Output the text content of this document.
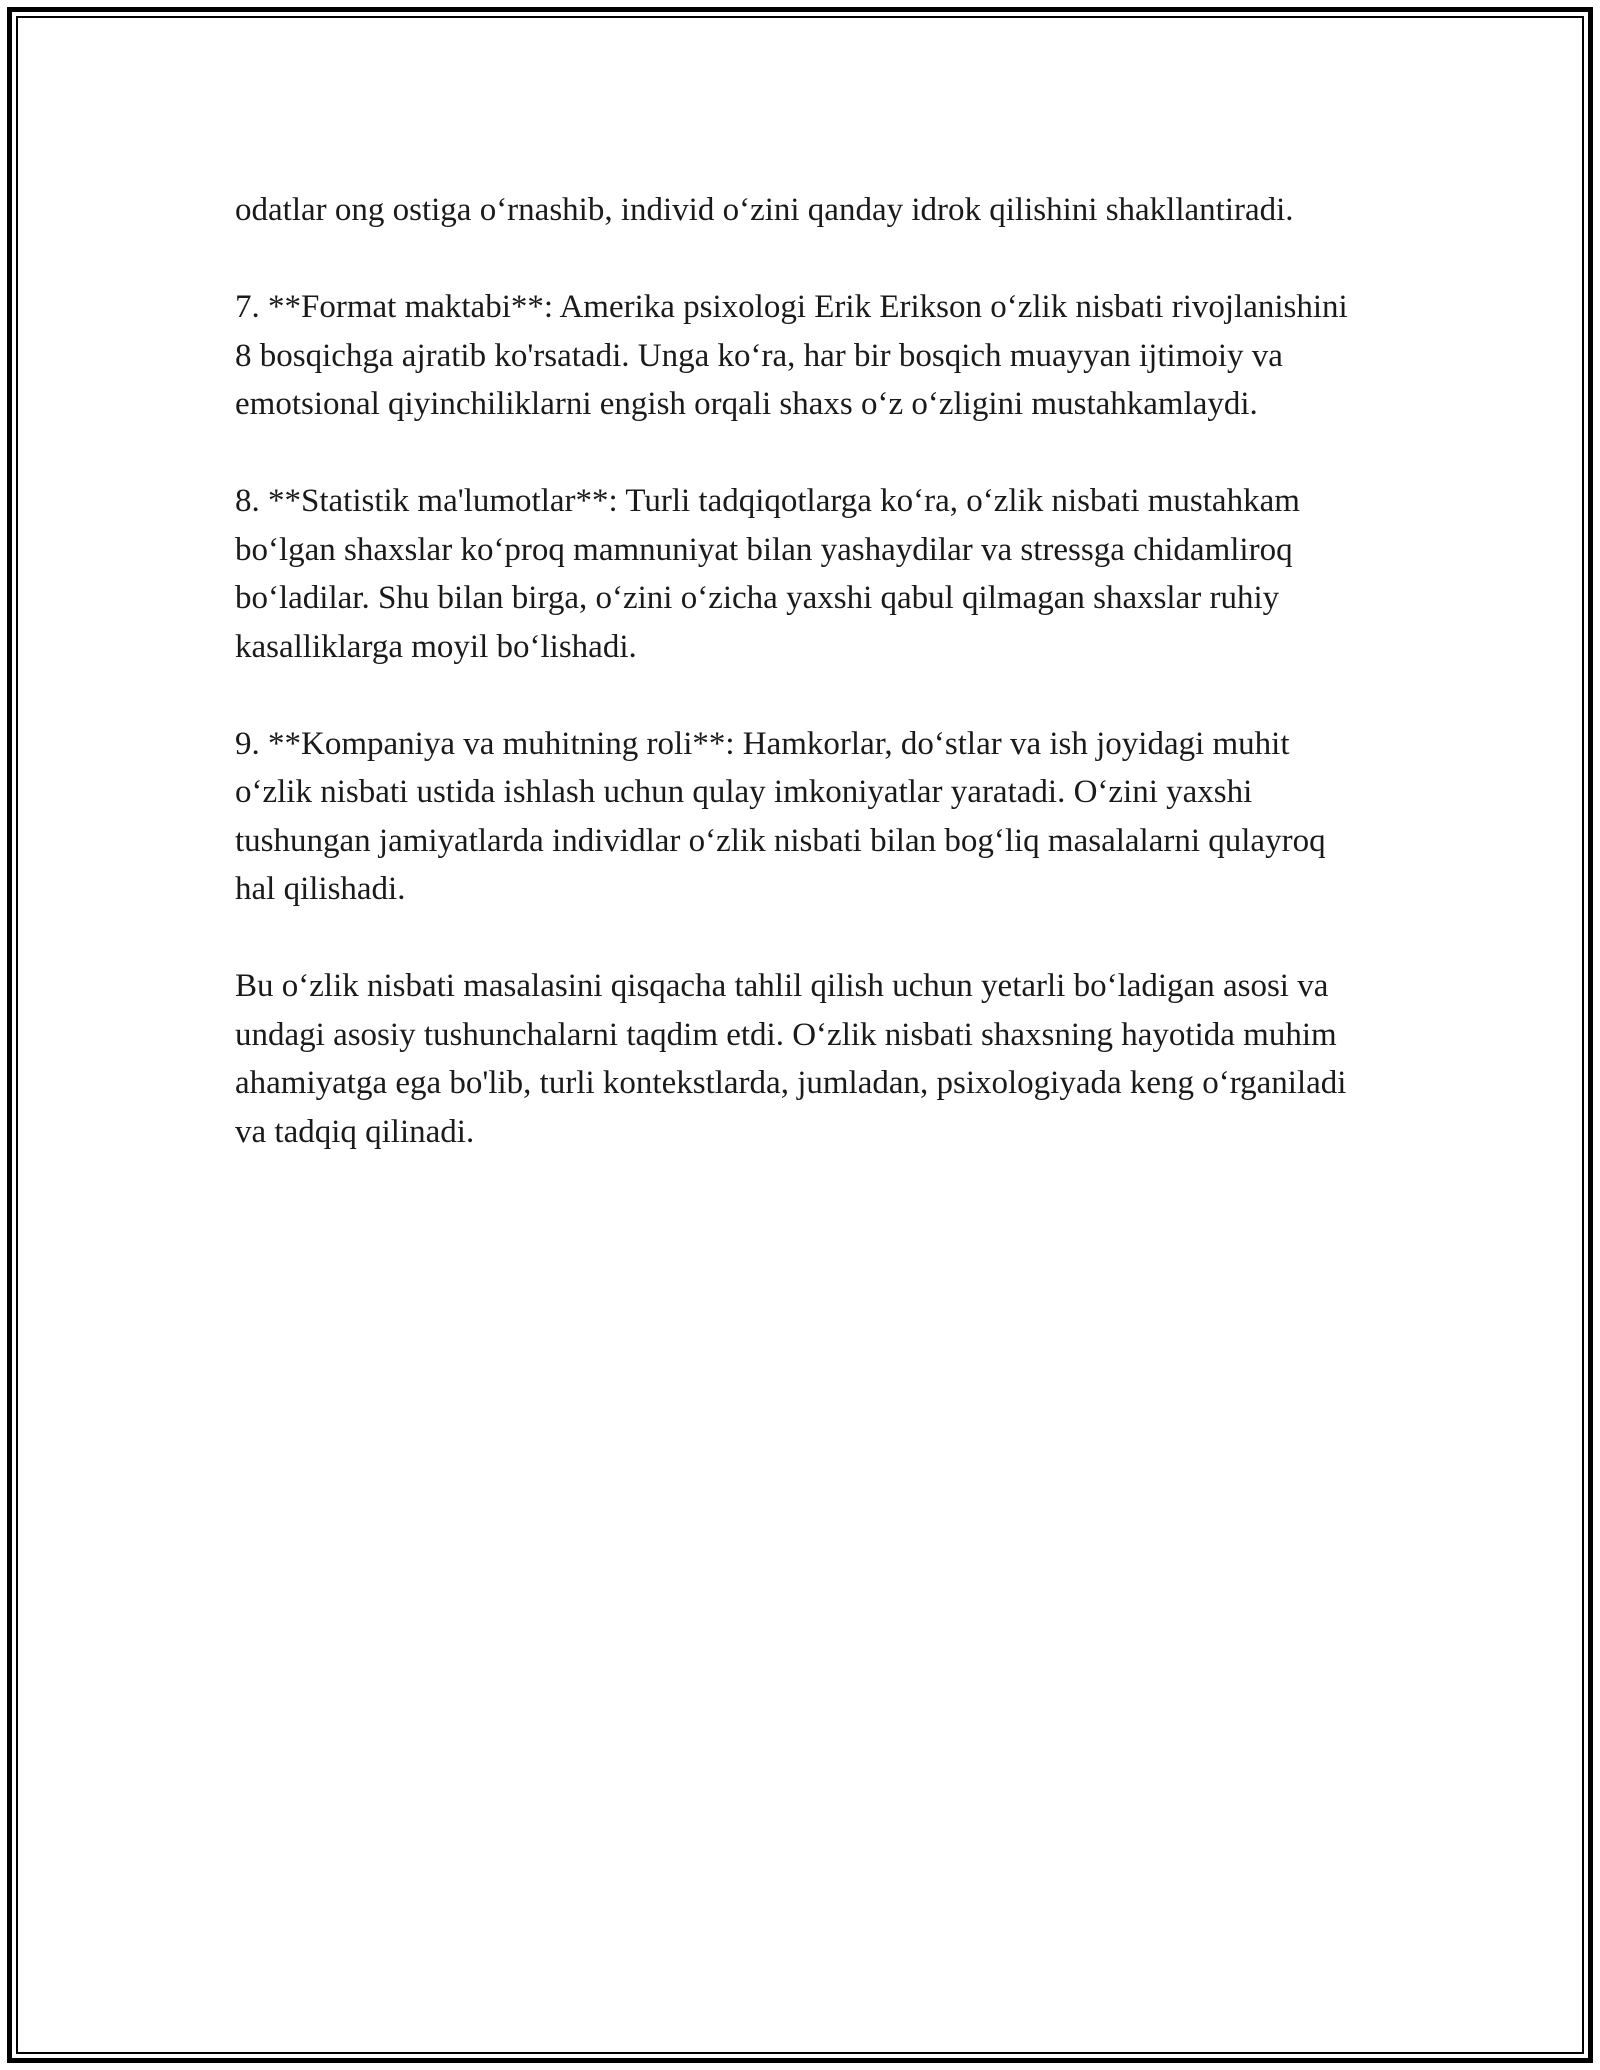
odatlar ong ostiga o‘rnashib, individ o‘zini qanday idrok qilishini shakllantiradi.

7. **Format maktabi**: Amerika psixologi Erik Erikson o‘zlik nisbati rivojlanishini 8 bosqichga ajratib ko'rsatadi. Unga ko‘ra, har bir bosqich muayyan ijtimoiy va emotsional qiyinchiliklarni engish orqali shaxs o‘z o‘zligini mustahkamlaydi.

8. **Statistik ma'lumotlar**: Turli tadqiqotlarga ko‘ra, o‘zlik nisbati mustahkam bo‘lgan shaxslar ko‘proq mamnuniyat bilan yashaydilar va stressga chidamliroq bo‘ladilar. Shu bilan birga, o‘zini o‘zicha yaxshi qabul qilmagan shaxslar ruhiy kasalliklarga moyil bo‘lishadi.

9. **Kompaniya va muhitning roli**: Hamkorlar, do‘stlar va ish joyidagi muhit o‘zlik nisbati ustida ishlash uchun qulay imkoniyatlar yaratadi. O‘zini yaxshi tushungan jamiyatlarda individlar o‘zlik nisbati bilan bog‘liq masalalarni qulayroq hal qilishadi.

Bu o‘zlik nisbati masalasini qisqacha tahlil qilish uchun yetarli bo‘ladigan asosi va undagi asosiy tushunchalarni taqdim etdi. O‘zlik nisbati shaxsning hayotida muhim ahamiyatga ega bo'lib, turli kontekstlarda, jumladan, psixologiyada keng o‘rganiladi va tadqiq qilinadi.
